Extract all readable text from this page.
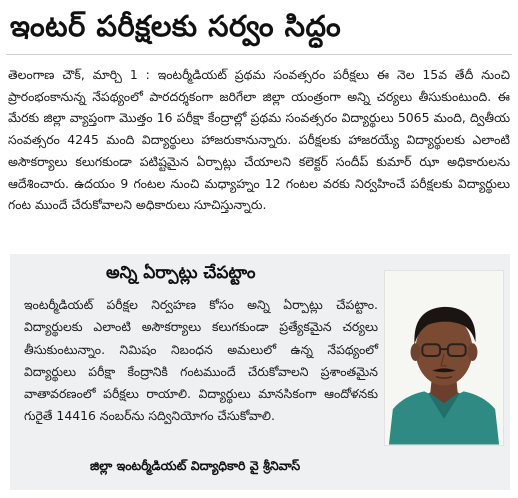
ఇంటర్ పరీక్షలకు సర్వం సిద్ధం

తెలంగాణ చౌక్, మార్చి 1 : ఇంటర్మీడియట్ ప్రథమ సంవత్సరం పరీక్షలు ఈ నెల 15వ తేదీ నుంచి ప్రారంభంకానున్న నేపథ్యంలో పారదర్శకంగా జరిగేలా జిల్లా యంత్రంగా అన్ని చర్యలు తీసుకుంటుంది. ఈ మేరకు జిల్లా వ్యాప్తంగా మొత్తం 16 పరీక్షా కేంద్రాల్లో ప్రథమ సంవత్సరం విద్యార్థులు 5065 మంది, ద్వితీయ సంవత్సరం 4245 మంది విద్యార్థులు హాజరుకానున్నారు. పరీక్షలకు హాజరయ్యే విద్యార్థులకు ఎలాంటి అసౌకర్యాలు కలుగకుండా పటిష్టమైన ఏర్పాట్లు చేయాలని కలెక్టర్ సందీప్ కుమార్ ఝా అధికారులను ఆదేశించారు. ఉదయం 9 గంటల నుంచి మధ్యాహ్నం 12 గంటల వరకు నిర్వహించే పరీక్షలకు విద్యార్థులు గంట ముందే చేరుకోవాలని అధికారులు సూచిస్తున్నారు.

అన్ని ఏర్పాట్లు చేపట్టాం

ఇంటర్మీడియట్ పరీక్షల నిర్వహణ కోసం అన్ని ఏర్పాట్లు చేపట్టాం. విద్యార్థులకు ఎలాంటి అసౌకర్యాలు కలుగకుండా ప్రత్యేకమైన చర్యలు తీసుకుంటున్నాం. నిమిషం నిబంధన అమలులో ఉన్న నేపథ్యంలో విద్యార్థులు పరీక్షా కేంద్రానికి గంటముందే చేరుకోవాలని ప్రశాంతమైన వాతావరణంలో పరీక్షలు రాయాలి. విద్యార్థులు మానసికంగా ఆందోళనకు గురైతే 14416 నంబర్‌ను సద్వినియోగం చేసుకోవాలి.

జిల్లా ఇంటర్మీడియట్ విద్యాధికారి వై శ్రీనివాస్
